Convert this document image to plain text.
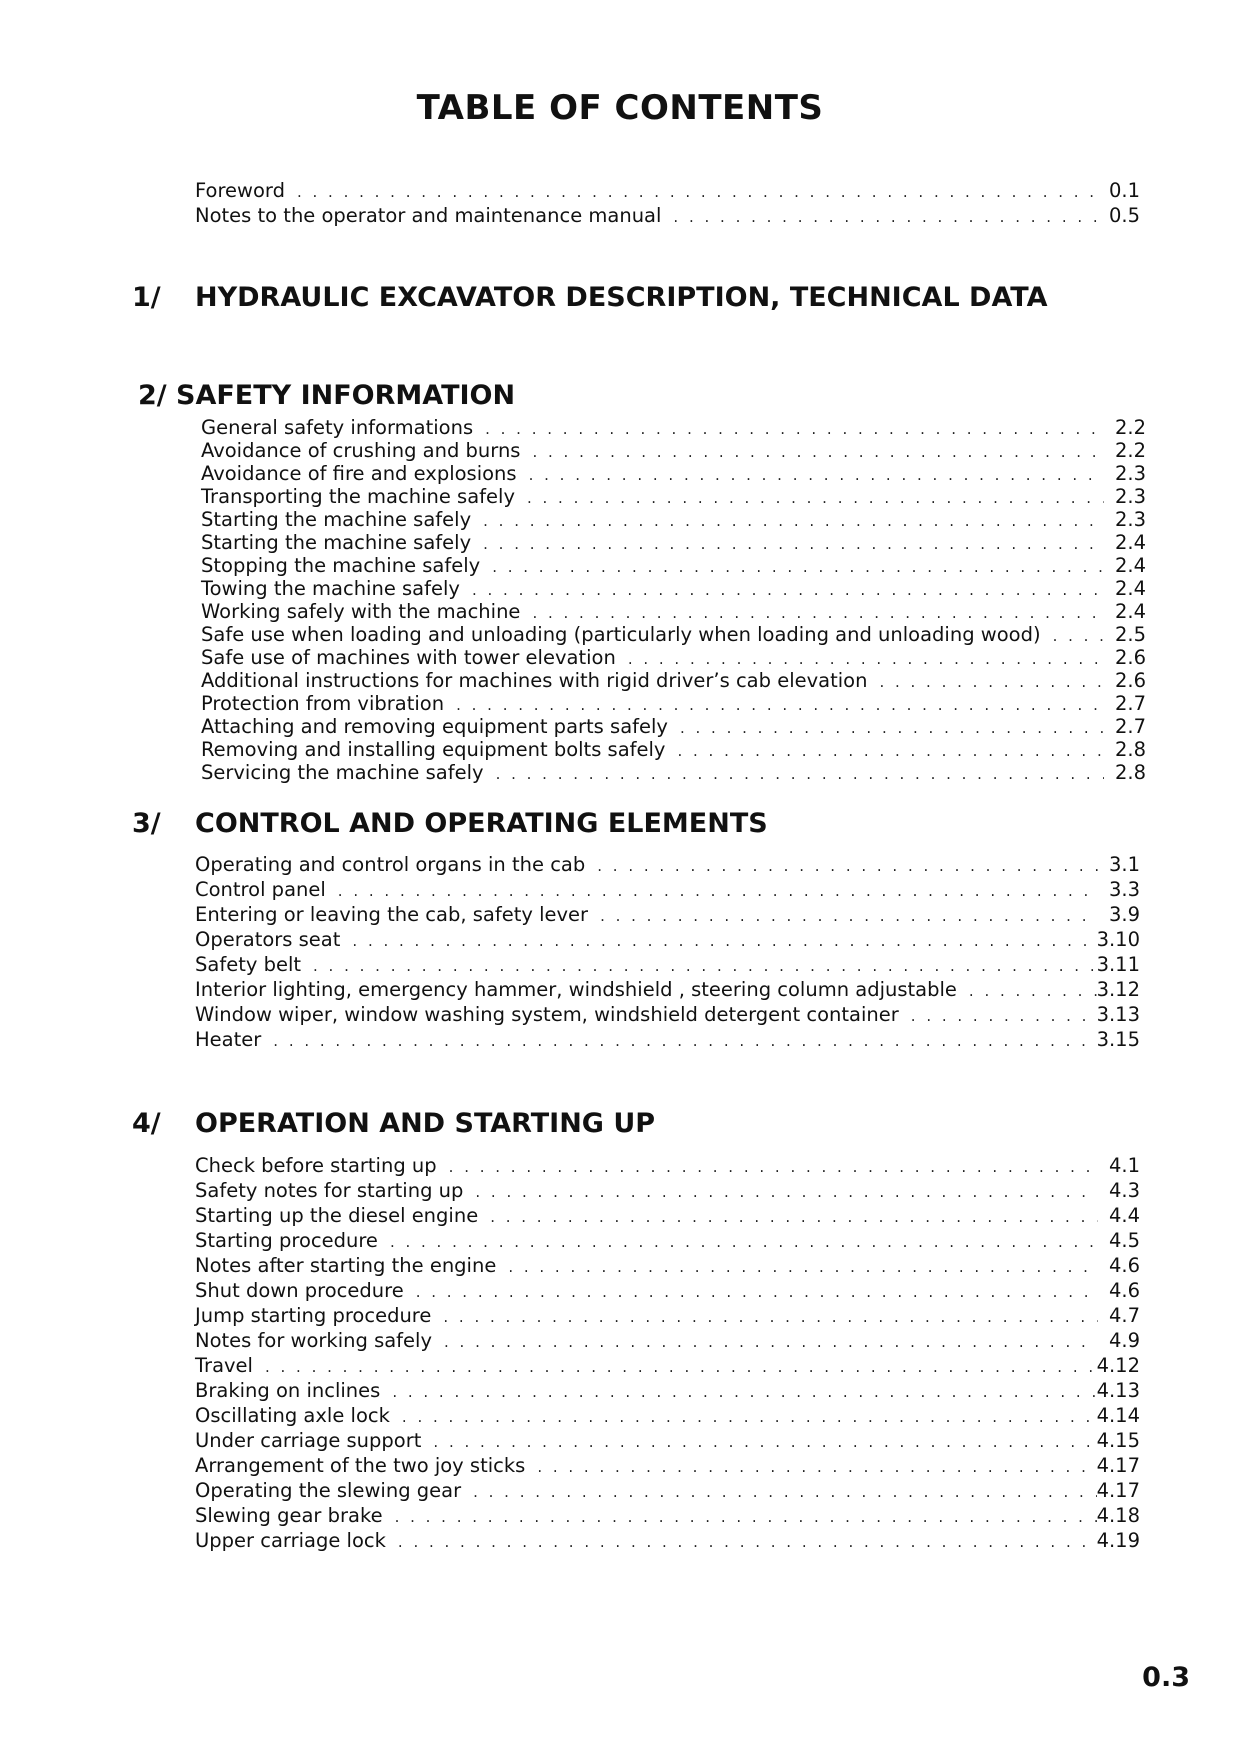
TABLE OF CONTENTS
Foreword . . .	0.1
Notes to the operator and maintenance manual . . .	0.5
1/	HYDRAULIC EXCAVATOR DESCRIPTION, TECHNICAL DATA
2/ SAFETY INFORMATION
General safety informations . . .	2.2
Avoidance of crushing and burns . . .	2.2
Avoidance of fire and explosions . . .	2.3
Transporting the machine safely . . .	2.3
Starting the machine safely . . .	2.3
Starting the machine safely . . .	2.4
Stopping the machine safely . . .	2.4
Towing the machine safely . . .	2.4
Working safely with the machine . . .	2.4
Safe use when loading and unloading (particularly when loading and unloading wood) . . .	2.5
Safe use of machines with tower elevation . . .	2.6
Additional instructions for machines with rigid driver’s cab elevation . . .	2.6
Protection from vibration . . .	2.7
Attaching and removing equipment parts safely . . .	2.7
Removing and installing equipment bolts safely . . .	2.8
Servicing the machine safely . . .	2.8
3/	CONTROL AND OPERATING ELEMENTS
Operating and control organs in the cab . . .	3.1
Control panel . . .	3.3
Entering or leaving the cab, safety lever . . .	3.9
Operators seat . . .	3.10
Safety belt . . .	3.11
Interior lighting, emergency hammer, windshield , steering column adjustable . . .	3.12
Window wiper, window washing system, windshield detergent container . . .	3.13
Heater . . .	3.15
4/	OPERATION AND STARTING UP
Check before starting up . . .	4.1
Safety notes for starting up . . .	4.3
Starting up the diesel engine . . .	4.4
Starting procedure . . .	4.5
Notes after starting the engine . . .	4.6
Shut down procedure . . .	4.6
Jump starting procedure . . .	4.7
Notes for working safely . . .	4.9
Travel . . .	4.12
Braking on inclines . . .	4.13
Oscillating axle lock . . .	4.14
Under carriage support . . .	4.15
Arrangement of the two joy sticks . . .	4.17
Operating the slewing gear . . .	4.17
Slewing gear brake . . .	4.18
Upper carriage lock . . .	4.19
0.3
